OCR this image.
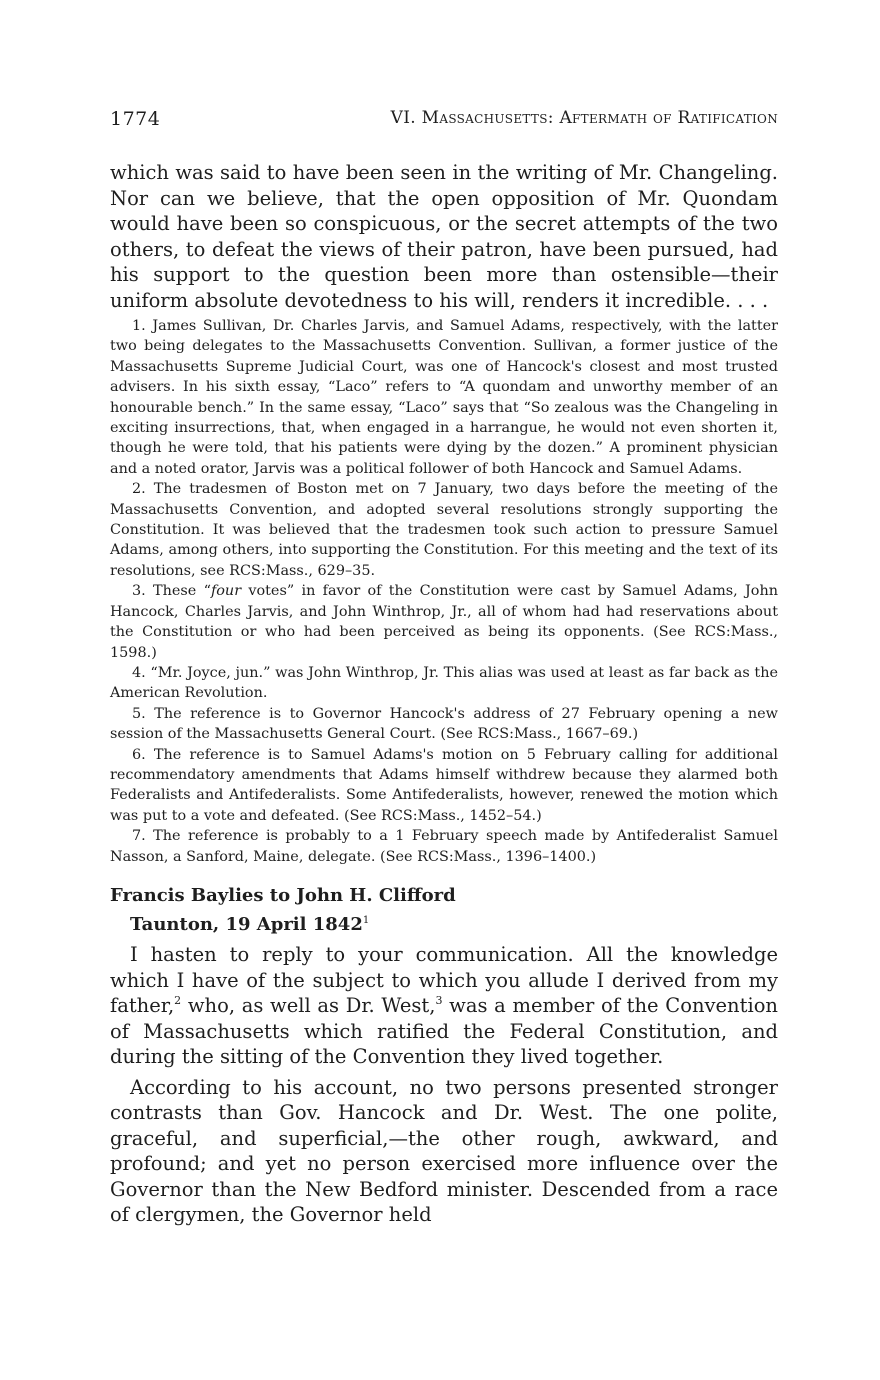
1774	VI. Massachusetts: Aftermath of Ratification

which was said to have been seen in the writing of Mr. Changeling. Nor can we believe, that the open opposition of Mr. Quondam would have been so conspicuous, or the secret attempts of the two others, to defeat the views of their patron, have been pursued, had his support to the question been more than ostensible—their uniform absolute devotedness to his will, renders it incredible. . . .

1. James Sullivan, Dr. Charles Jarvis, and Samuel Adams, respectively, with the latter two being delegates to the Massachusetts Convention. Sullivan, a former justice of the Massachusetts Supreme Judicial Court, was one of Hancock's closest and most trusted advisers. In his sixth essay, “Laco” refers to “A quondam and unworthy member of an honourable bench.” In the same essay, “Laco” says that “So zealous was the Changeling in exciting insurrections, that, when engaged in a harrangue, he would not even shorten it, though he were told, that his patients were dying by the dozen.” A prominent physician and a noted orator, Jarvis was a political follower of both Hancock and Samuel Adams.

2. The tradesmen of Boston met on 7 January, two days before the meeting of the Massachusetts Convention, and adopted several resolutions strongly supporting the Constitution. It was believed that the tradesmen took such action to pressure Samuel Adams, among others, into supporting the Constitution. For this meeting and the text of its resolutions, see RCS:Mass., 629–35.

3. These “four votes” in favor of the Constitution were cast by Samuel Adams, John Hancock, Charles Jarvis, and John Winthrop, Jr., all of whom had had reservations about the Constitution or who had been perceived as being its opponents. (See RCS:Mass., 1598.)

4. “Mr. Joyce, jun.” was John Winthrop, Jr. This alias was used at least as far back as the American Revolution.

5. The reference is to Governor Hancock's address of 27 February opening a new session of the Massachusetts General Court. (See RCS:Mass., 1667–69.)

6. The reference is to Samuel Adams's motion on 5 February calling for additional recommendatory amendments that Adams himself withdrew because they alarmed both Federalists and Antifederalists. Some Antifederalists, however, renewed the motion which was put to a vote and defeated. (See RCS:Mass., 1452–54.)

7. The reference is probably to a 1 February speech made by Antifederalist Samuel Nasson, a Sanford, Maine, delegate. (See RCS:Mass., 1396–1400.)

Francis Baylies to John H. Clifford
Taunton, 19 April 1842$^1$

I hasten to reply to your communication. All the knowledge which I have of the subject to which you allude I derived from my father,$^2$ who, as well as Dr. West,$^3$ was a member of the Convention of Massachusetts which ratified the Federal Constitution, and during the sitting of the Convention they lived together.

According to his account, no two persons presented stronger contrasts than Gov. Hancock and Dr. West. The one polite, graceful, and superficial,—the other rough, awkward, and profound; and yet no person exercised more influence over the Governor than the New Bedford minister. Descended from a race of clergymen, the Governor held
